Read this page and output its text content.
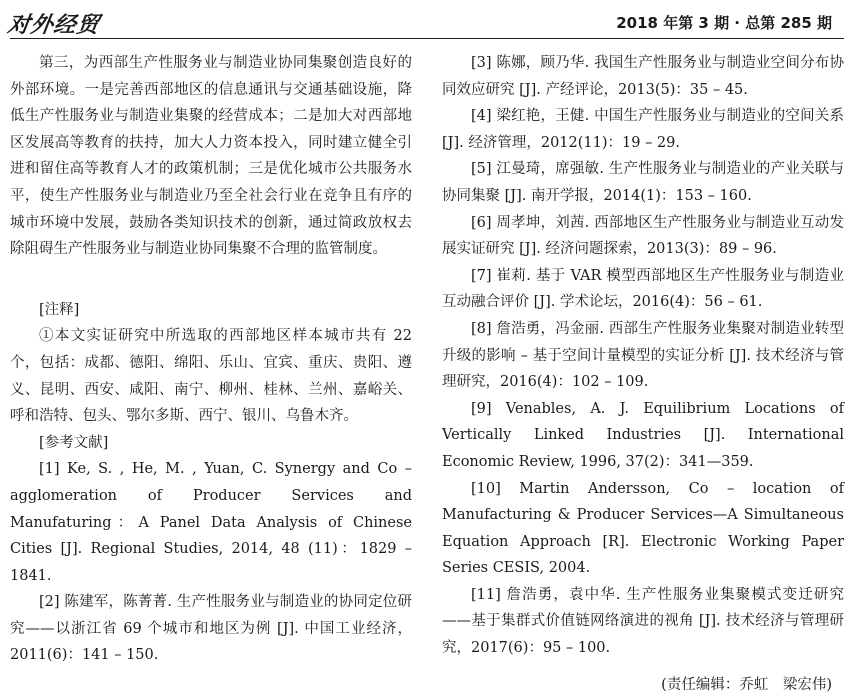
对外经贸	2018 年第 3 期 · 总第 285 期

第三，为西部生产性服务业与制造业协同集聚创造良好的外部环境。一是完善西部地区的信息通讯与交通基础设施，降低生产性服务业与制造业集聚的经营成本；二是加大对西部地区发展高等教育的扶持，加大人力资本投入，同时建立健全引进和留住高等教育人才的政策机制；三是优化城市公共服务水平，使生产性服务业与制造业乃至全社会行业在竞争且有序的城市环境中发展，鼓励各类知识技术的创新，通过简政放权去除阻碍生产性服务业与制造业协同集聚不合理的监管制度。

[注释]

①本文实证研究中所选取的西部地区样本城市共有 22 个，包括：成都、德阳、绵阳、乐山、宜宾、重庆、贵阳、遵义、昆明、西安、咸阳、南宁、柳州、桂林、兰州、嘉峪关、呼和浩特、包头、鄂尔多斯、西宁、银川、乌鲁木齐。

[参考文献]

[1] Ke, S. , He, M. , Yuan, C. Synergy and Co – agglomeration of Producer Services and Manufaturing：A Panel Data Analysis of Chinese Cities [J]. Regional Studies, 2014, 48 (11)：1829 – 1841.

[2] 陈建军，陈菁菁. 生产性服务业与制造业的协同定位研究——以浙江省 69 个城市和地区为例 [J]. 中国工业经济，2011(6)：141 – 150.

[3] 陈娜，顾乃华. 我国生产性服务业与制造业空间分布协同效应研究 [J]. 产经评论，2013(5)：35 – 45.

[4] 梁红艳，王健. 中国生产性服务业与制造业的空间关系 [J]. 经济管理，2012(11)：19 – 29.

[5] 江曼琦，席强敏. 生产性服务业与制造业的产业关联与协同集聚 [J]. 南开学报，2014(1)：153 – 160.

[6] 周孝坤，刘茜. 西部地区生产性服务业与制造业互动发展实证研究 [J]. 经济问题探索，2013(3)：89 – 96.

[7] 崔莉. 基于 VAR 模型西部地区生产性服务业与制造业互动融合评价 [J]. 学术论坛，2016(4)：56 – 61.

[8] 詹浩勇，冯金丽. 西部生产性服务业集聚对制造业转型升级的影响 – 基于空间计量模型的实证分析 [J]. 技术经济与管理研究，2016(4)：102 – 109.

[9] Venables, A. J. Equilibrium Locations of Vertically Linked Industries [J]. International Economic Review, 1996, 37(2)：341—359.

[10] Martin Andersson, Co – location of Manufacturing & Producer Services—A Simultaneous Equation Approach [R]. Electronic Working Paper Series CESIS, 2004.

[11] 詹浩勇，袁中华. 生产性服务业集聚模式变迁研究——基于集群式价值链网络演进的视角 [J]. 技术经济与管理研究，2017(6)：95 – 100.

(责任编辑：乔虹　梁宏伟)
